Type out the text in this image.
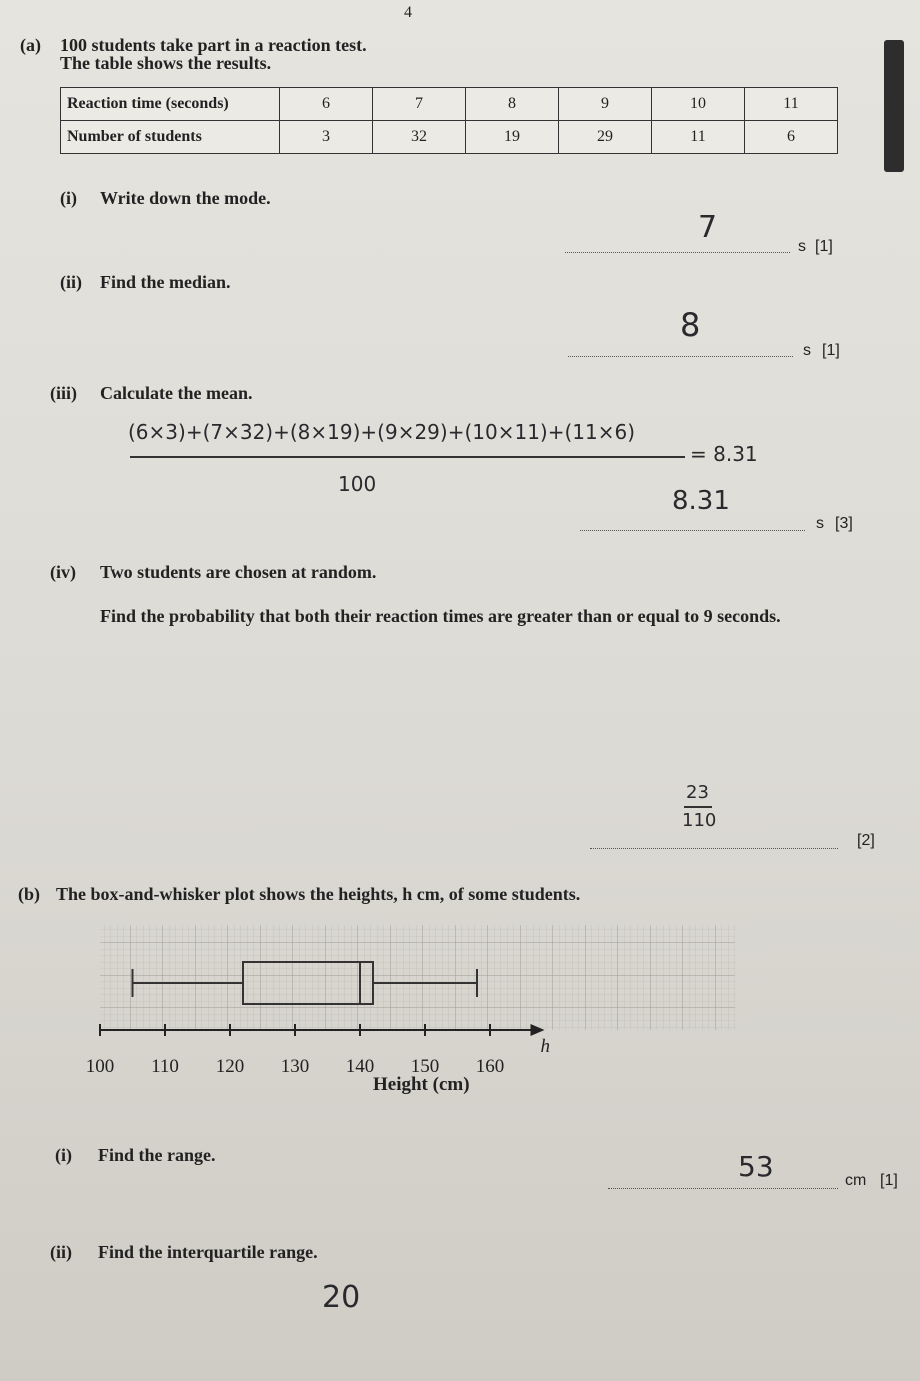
4
(a) 100 students take part in a reaction test.
The table shows the results.
Reaction time (seconds)	6	7	8	9	10	11
Number of students	3	32	19	29	11	6
(i) Write down the mode.
7
s [1]
(ii) Find the median.
8
s [1]
(iii) Calculate the mean.
(6×3)+(7×32)+(8×19)+(9×29)+(10×11)+(11×6)
= 8.31
100
8.31
s [3]
(iv) Two students are chosen at random.
Find the probability that both their reaction times are greater than or equal to 9 seconds.
23
110
[2]
(b) The box-and-whisker plot shows the heights, h cm, of some students.
100 110 120 130 140 150 160
h
Height (cm)
(i) Find the range.	53	cm [1]
(ii) Find the interquartile range.
20
